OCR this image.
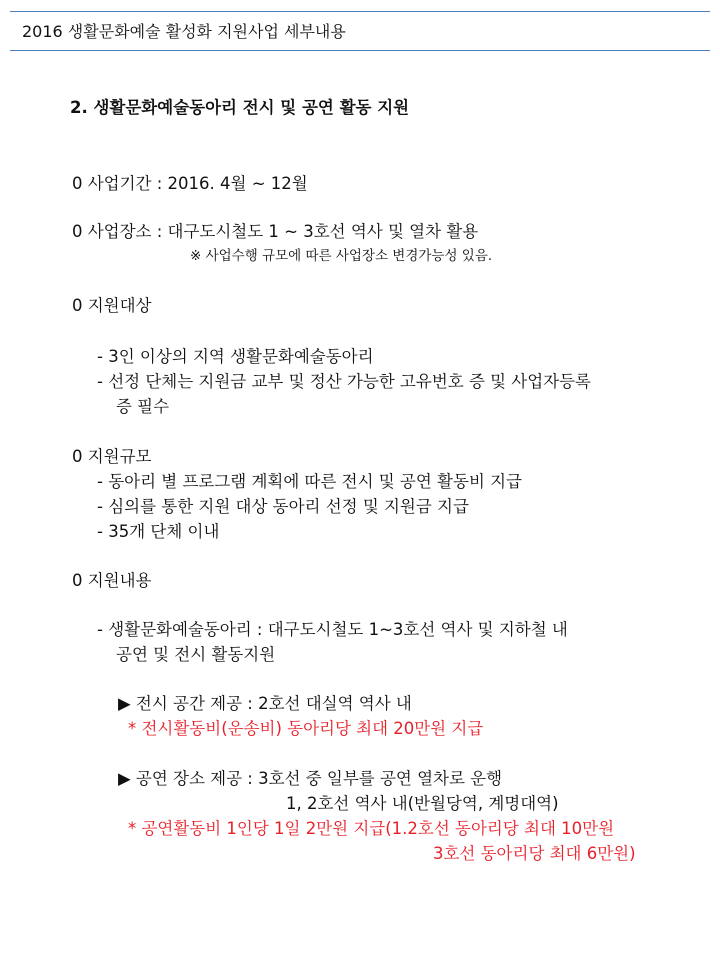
2016 생활문화예술 활성화 지원사업 세부내용
2. 생활문화예술동아리 전시 및 공연 활동 지원
0 사업기간 : 2016. 4월 ~ 12월
0 사업장소 : 대구도시철도 1 ~ 3호선 역사 및 열차 활용
※ 사업수행 규모에 따른 사업장소 변경가능성 있음.
0 지원대상
- 3인 이상의 지역 생활문화예술동아리
- 선정 단체는 지원금 교부 및 정산 가능한 고유번호 증 및 사업자등록
증 필수
0 지원규모
- 동아리 별 프로그램 계획에 따른 전시 및 공연 활동비 지급
- 심의를 통한 지원 대상 동아리 선정 및 지원금 지급
- 35개 단체 이내
0 지원내용
- 생활문화예술동아리 : 대구도시철도 1~3호선 역사 및 지하철 내
공연 및 전시 활동지원
▶ 전시 공간 제공 : 2호선 대실역 역사 내
* 전시활동비(운송비) 동아리당 최대 20만원 지급
▶ 공연 장소 제공 : 3호선 중 일부를 공연 열차로 운행
1, 2호선 역사 내(반월당역, 계명대역)
* 공연활동비 1인당 1일 2만원 지급(1.2호선 동아리당 최대 10만원
3호선 동아리당 최대 6만원)
